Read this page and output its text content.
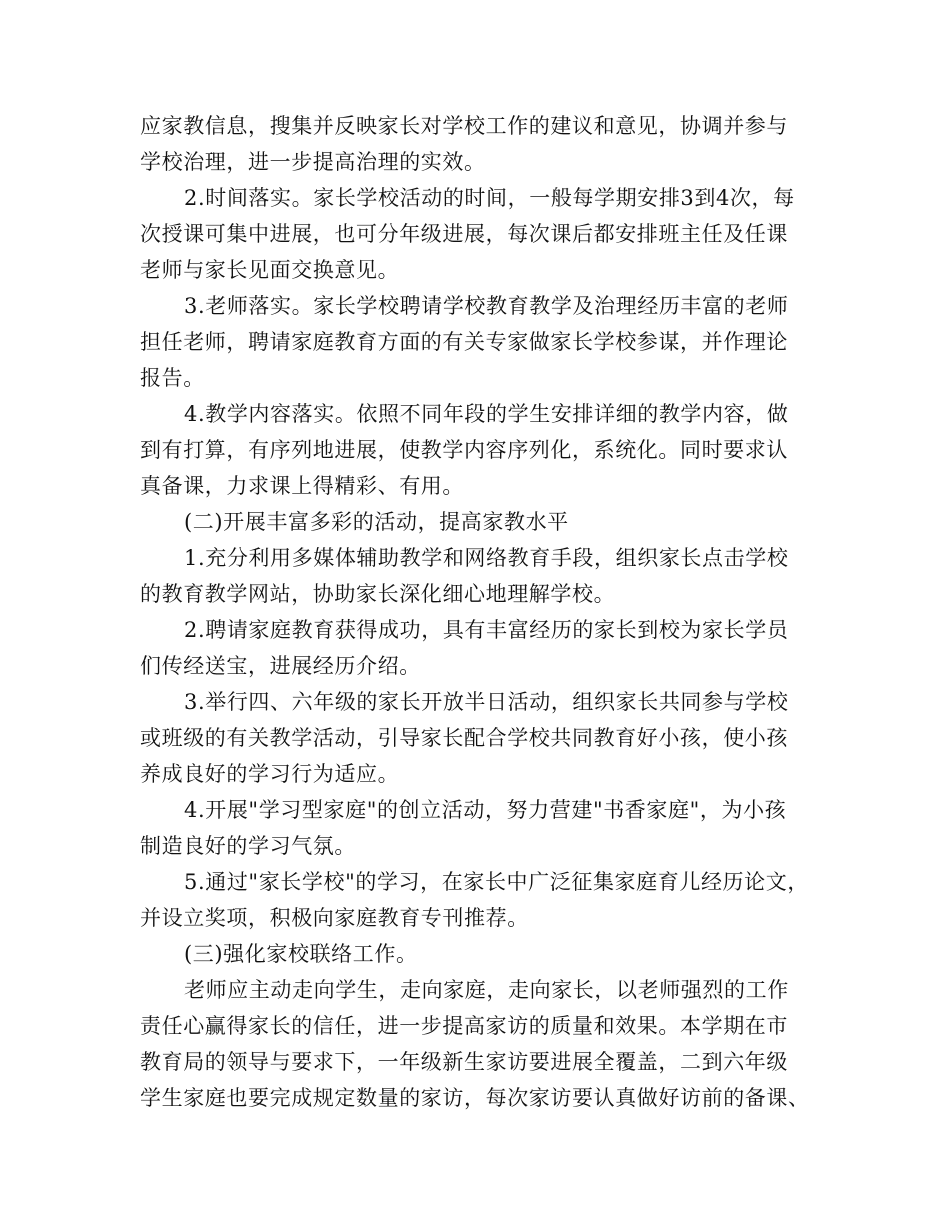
应家教信息，搜集并反映家长对学校工作的建议和意见，协调并参与
学校治理，进一步提高治理的实效。
2.时间落实。家长学校活动的时间，一般每学期安排3到4次，每
次授课可集中进展，也可分年级进展，每次课后都安排班主任及任课
老师与家长见面交换意见。
3.老师落实。家长学校聘请学校教育教学及治理经历丰富的老师
担任老师，聘请家庭教育方面的有关专家做家长学校参谋，并作理论
报告。
4.教学内容落实。依照不同年段的学生安排详细的教学内容，做
到有打算，有序列地进展，使教学内容序列化，系统化。同时要求认
真备课，力求课上得精彩、有用。
(二)开展丰富多彩的活动，提高家教水平
1.充分利用多媒体辅助教学和网络教育手段，组织家长点击学校
的教育教学网站，协助家长深化细心地理解学校。
2.聘请家庭教育获得成功，具有丰富经历的家长到校为家长学员
们传经送宝，进展经历介绍。
3.举行四、六年级的家长开放半日活动，组织家长共同参与学校
或班级的有关教学活动，引导家长配合学校共同教育好小孩，使小孩
养成良好的学习行为适应。
4.开展"学习型家庭"的创立活动，努力营建"书香家庭"，为小孩
制造良好的学习气氛。
5.通过"家长学校"的学习，在家长中广泛征集家庭育儿经历论文，
并设立奖项，积极向家庭教育专刊推荐。
(三)强化家校联络工作。
老师应主动走向学生，走向家庭，走向家长，以老师强烈的工作
责任心赢得家长的信任，进一步提高家访的质量和效果。本学期在市
教育局的领导与要求下，一年级新生家访要进展全覆盖，二到六年级
学生家庭也要完成规定数量的家访，每次家访要认真做好访前的备课、
